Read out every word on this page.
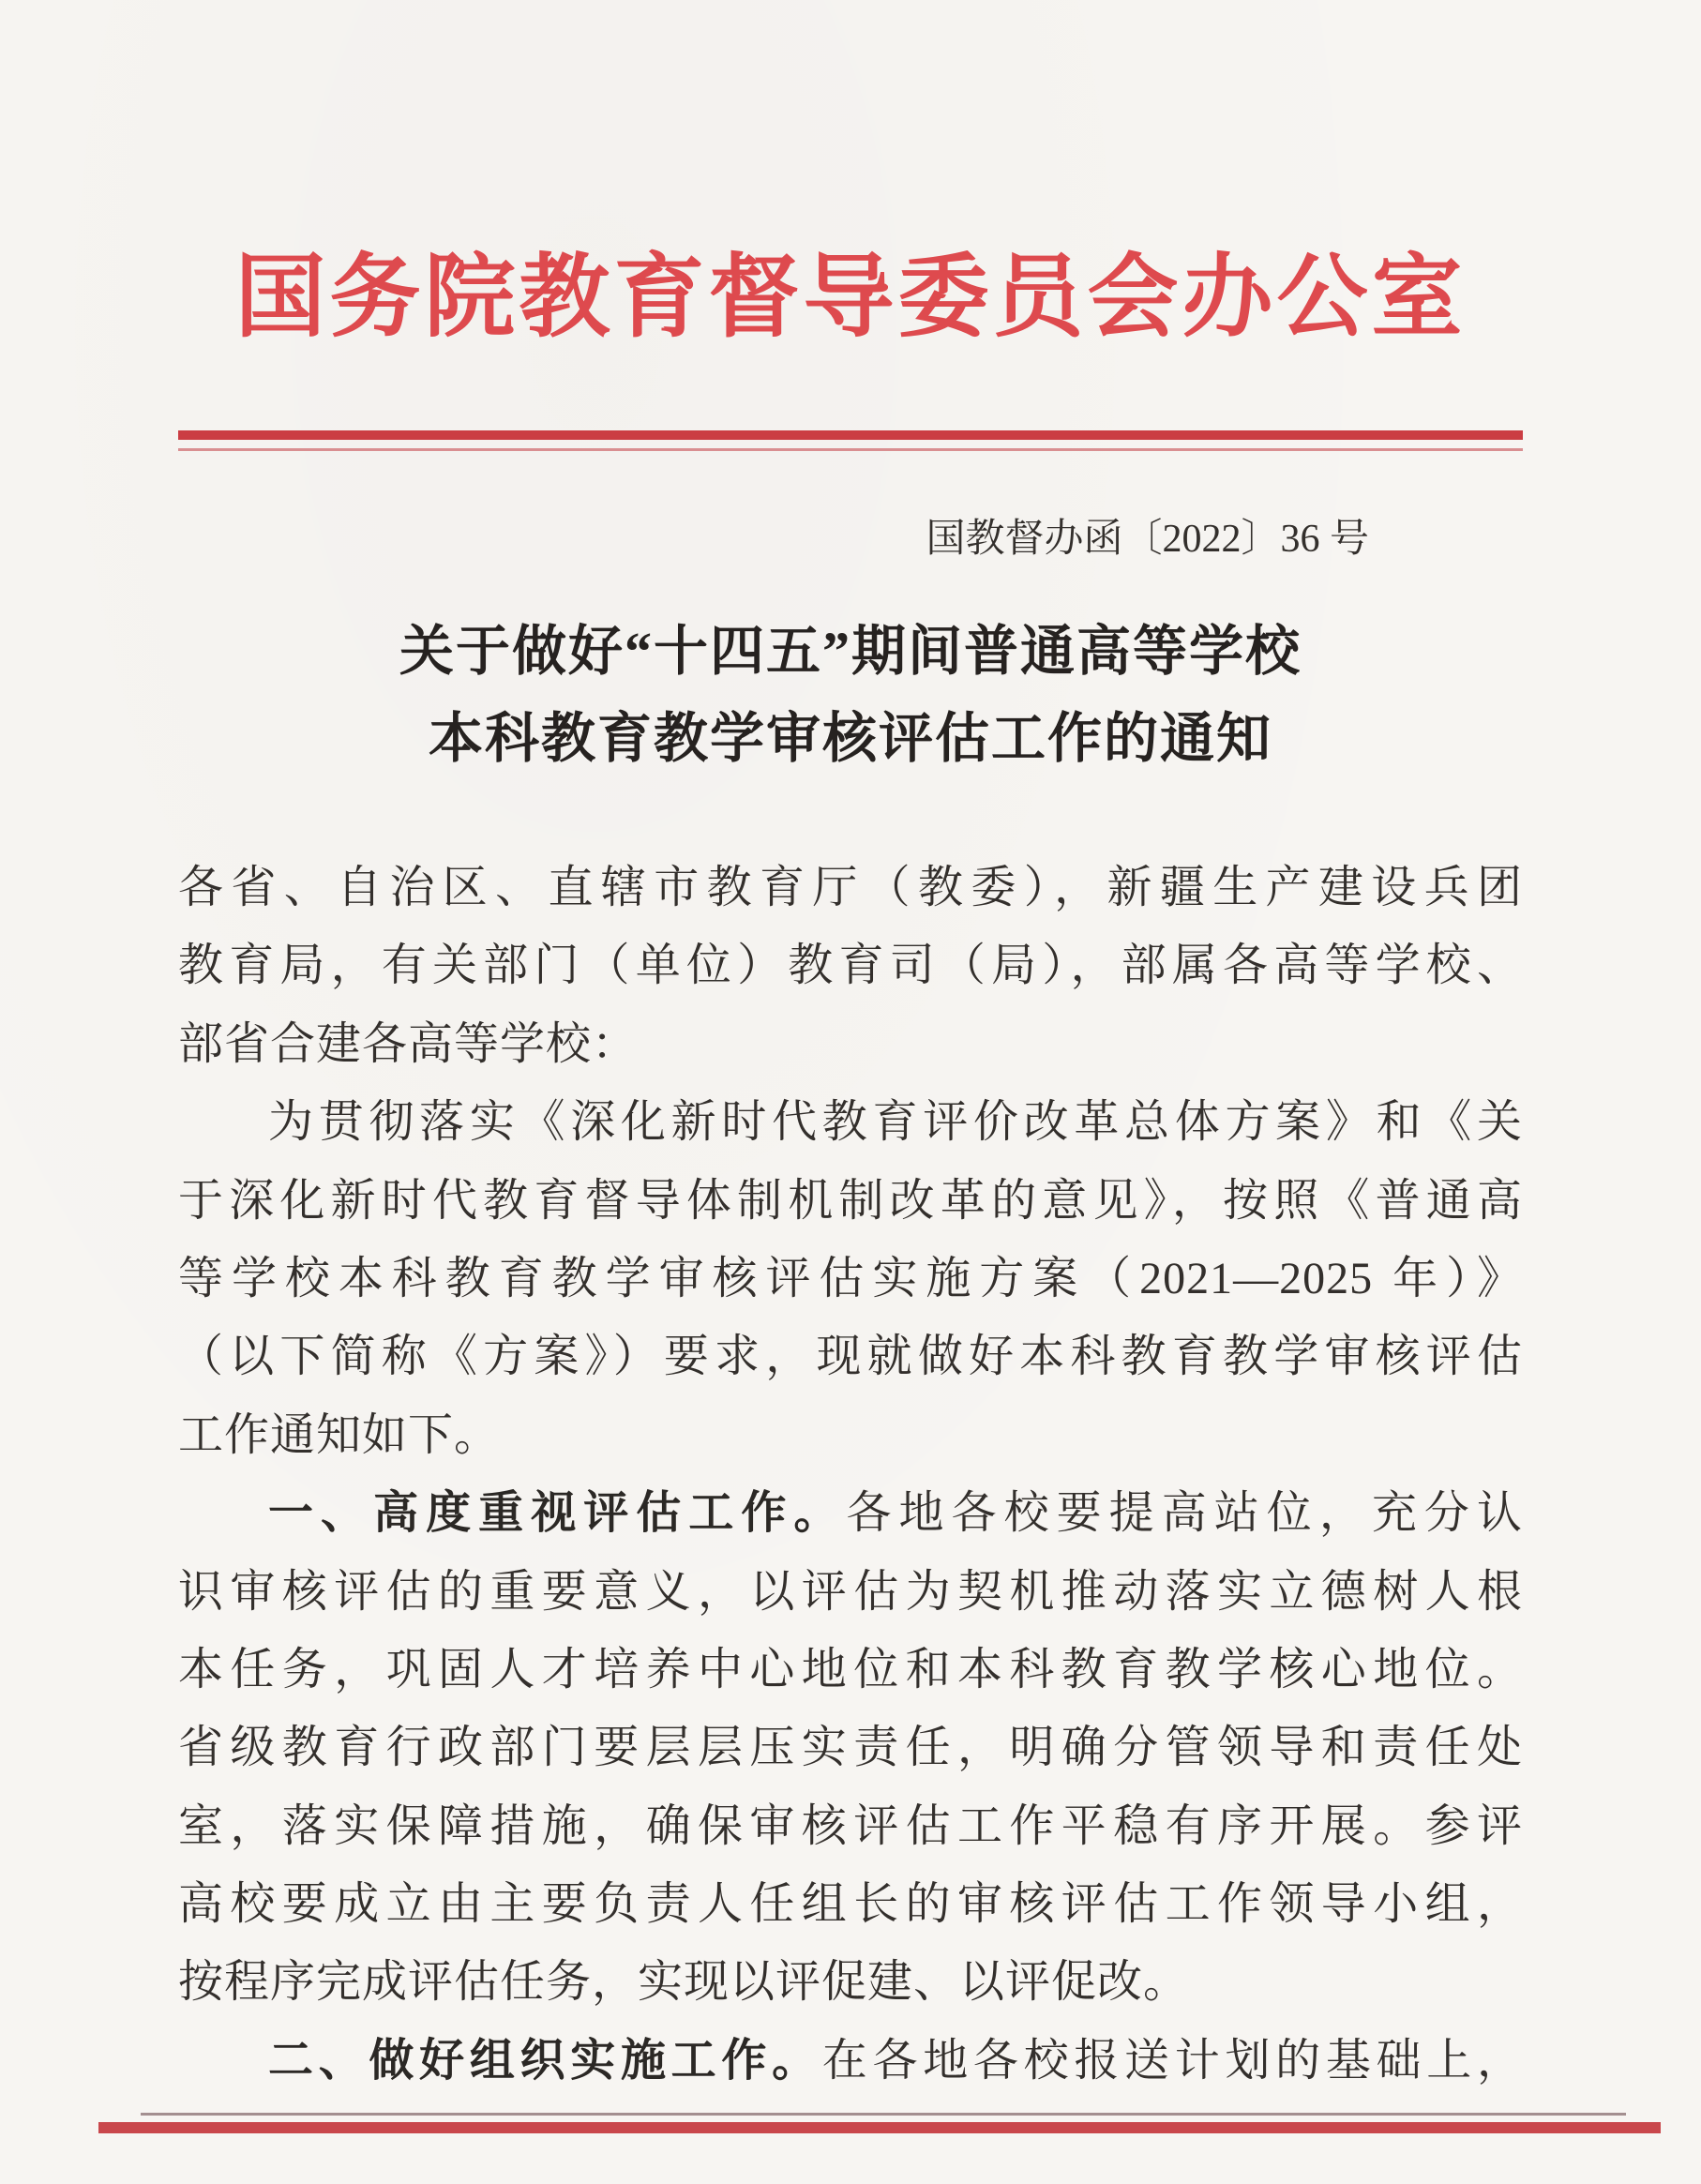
国务院教育督导委员会办公室
国教督办函〔2022〕36 号
关于做好“十四五”期间普通高等学校
本科教育教学审核评估工作的通知
各省、自治区、直辖市教育厅（教委），新疆生产建设兵团
教育局，有关部门（单位）教育司（局），部属各高等学校、
部省合建各高等学校：
为贯彻落实《深化新时代教育评价改革总体方案》和《关
于深化新时代教育督导体制机制改革的意见》，按照《普通高
等学校本科教育教学审核评估实施方案（2021—2025 年）》
（以下简称《方案》）要求，现就做好本科教育教学审核评估
工作通知如下。
一、高度重视评估工作。各地各校要提高站位，充分认
识审核评估的重要意义，以评估为契机推动落实立德树人根
本任务，巩固人才培养中心地位和本科教育教学核心地位。
省级教育行政部门要层层压实责任，明确分管领导和责任处
室，落实保障措施，确保审核评估工作平稳有序开展。参评
高校要成立由主要负责人任组长的审核评估工作领导小组，
按程序完成评估任务，实现以评促建、以评促改。
二、做好组织实施工作。在各地各校报送计划的基础上，
